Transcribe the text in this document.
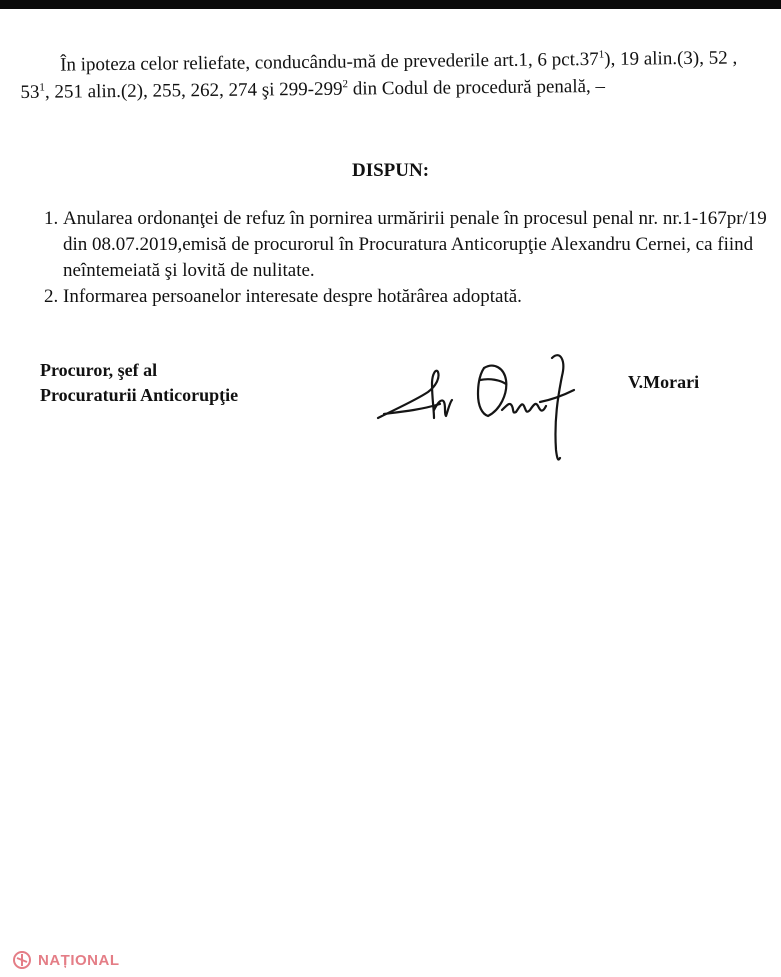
În ipoteza celor reliefate, conducându-mă de prevederile art.1, 6 $pct.37^1$), 19 alin.(3), 52 , $53^1$, 251 alin.(2), 255, 262, 274 şi $299-299^2$ din Codul de procedură penală, –

DISPUN:
1. Anularea ordonanţei de refuz în pornirea urmăririi penale în procesul penal nr. nr.1-167pr/19 din 08.07.2019,emisă de procurorul în Procuratura Anticorupţie Alexandru Cernei, ca fiind neîntemeiată şi lovită de nulitate.
2. Informarea persoanelor interesate despre hotărârea adoptată.
Procuror, şef al
Procuraturii Anticorupţie
V.Morari
NAȚIONAL
